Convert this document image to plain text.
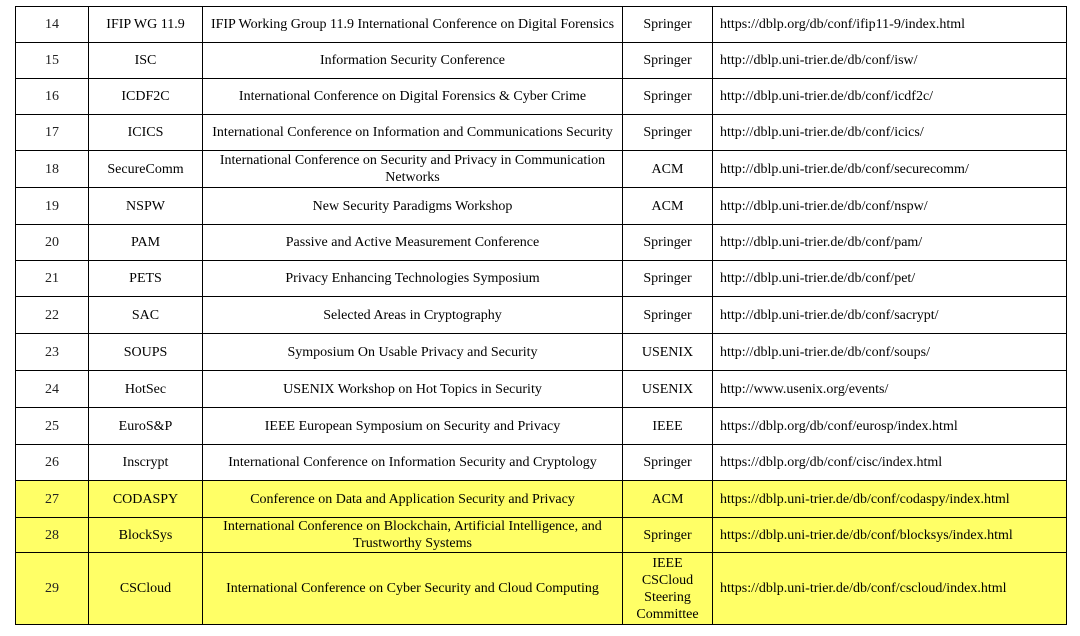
14	IFIP WG 11.9	IFIP Working Group 11.9 International Conference on Digital Forensics	Springer	https://dblp.org/db/conf/ifip11-9/index.html
15	ISC	Information Security Conference	Springer	http://dblp.uni-trier.de/db/conf/isw/
16	ICDF2C	International Conference on Digital Forensics & Cyber Crime	Springer	http://dblp.uni-trier.de/db/conf/icdf2c/
17	ICICS	International Conference on Information and Communications Security	Springer	http://dblp.uni-trier.de/db/conf/icics/
18	SecureComm	International Conference on Security and Privacy in Communication Networks	ACM	http://dblp.uni-trier.de/db/conf/securecomm/
19	NSPW	New Security Paradigms Workshop	ACM	http://dblp.uni-trier.de/db/conf/nspw/
20	PAM	Passive and Active Measurement Conference	Springer	http://dblp.uni-trier.de/db/conf/pam/
21	PETS	Privacy Enhancing Technologies Symposium	Springer	http://dblp.uni-trier.de/db/conf/pet/
22	SAC	Selected Areas in Cryptography	Springer	http://dblp.uni-trier.de/db/conf/sacrypt/
23	SOUPS	Symposium On Usable Privacy and Security	USENIX	http://dblp.uni-trier.de/db/conf/soups/
24	HotSec	USENIX Workshop on Hot Topics in Security	USENIX	http://www.usenix.org/events/
25	EuroS&P	IEEE European Symposium on Security and Privacy	IEEE	https://dblp.org/db/conf/eurosp/index.html
26	Inscrypt	International Conference on Information Security and Cryptology	Springer	https://dblp.org/db/conf/cisc/index.html
27	CODASPY	Conference on Data and Application Security and Privacy	ACM	https://dblp.uni-trier.de/db/conf/codaspy/index.html
28	BlockSys	International Conference on Blockchain, Artificial Intelligence, and Trustworthy Systems	Springer	https://dblp.uni-trier.de/db/conf/blocksys/index.html
29	CSCloud	International Conference on Cyber Security and Cloud Computing	IEEE CSCloud Steering Committee	https://dblp.uni-trier.de/db/conf/cscloud/index.html
